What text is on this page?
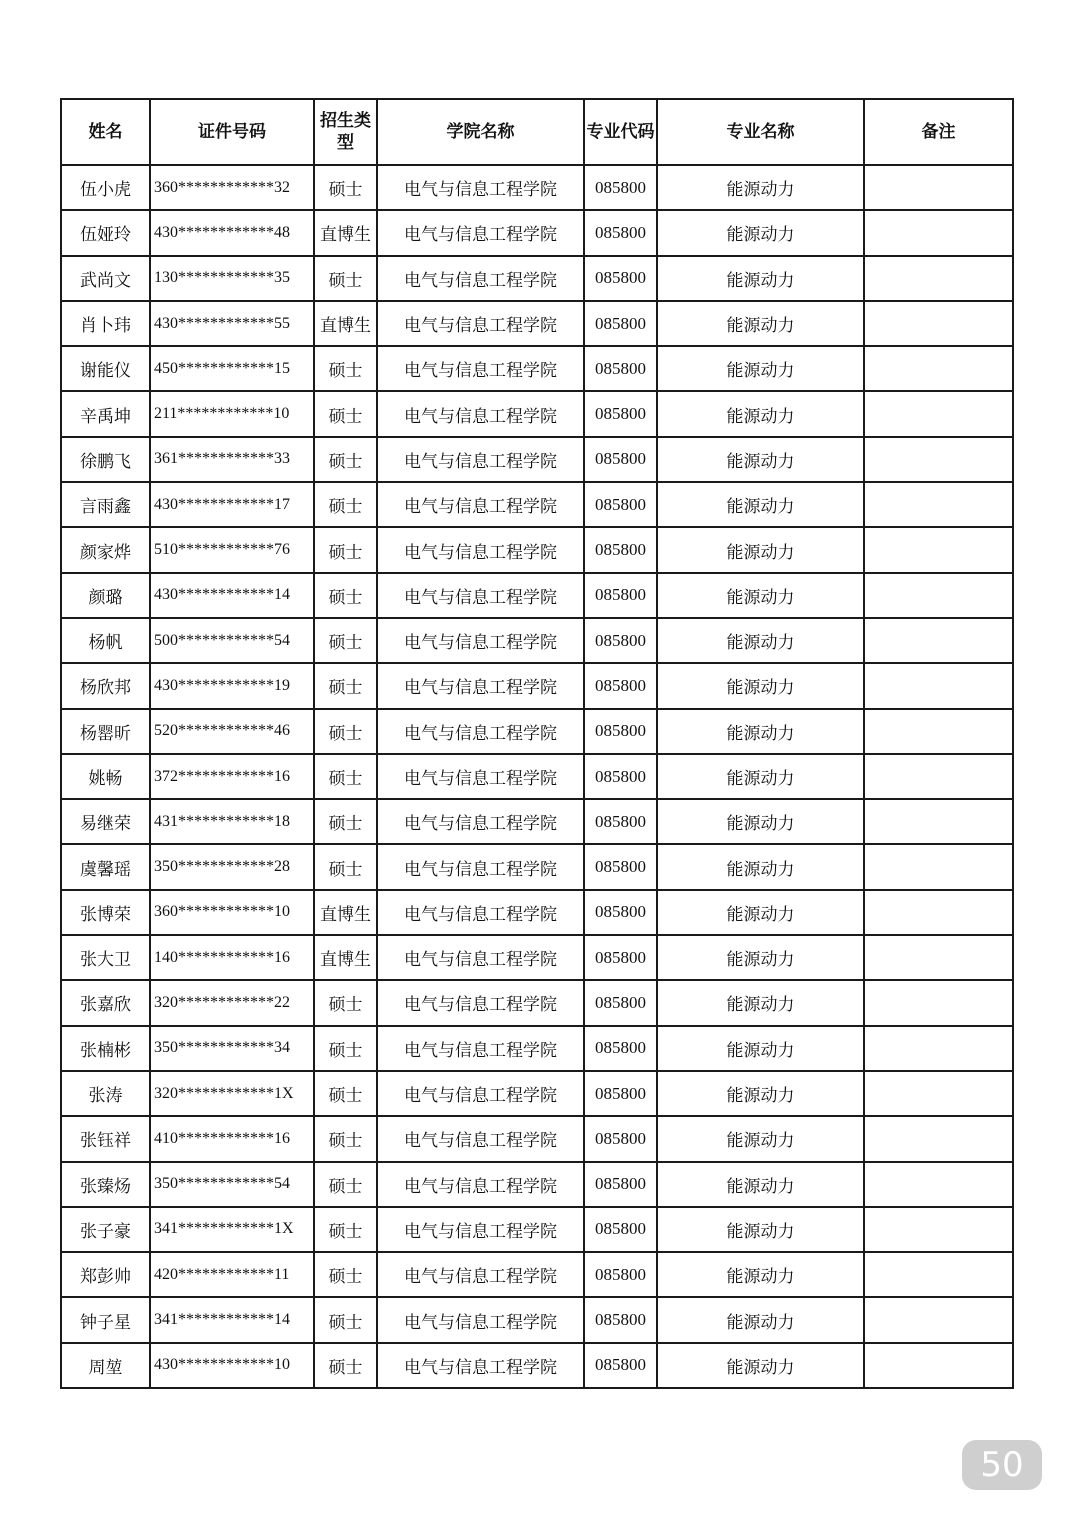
姓名	证件号码	招生类型	学院名称	专业代码	专业名称	备注
伍小虎	360************32	硕士	电气与信息工程学院	085800	能源动力	
伍娅玲	430************48	直博生	电气与信息工程学院	085800	能源动力	
武尚文	130************35	硕士	电气与信息工程学院	085800	能源动力	
肖卜玮	430************55	直博生	电气与信息工程学院	085800	能源动力	
谢能仪	450************15	硕士	电气与信息工程学院	085800	能源动力	
辛禹坤	211************10	硕士	电气与信息工程学院	085800	能源动力	
徐鹏飞	361************33	硕士	电气与信息工程学院	085800	能源动力	
言雨鑫	430************17	硕士	电气与信息工程学院	085800	能源动力	
颜家烨	510************76	硕士	电气与信息工程学院	085800	能源动力	
颜璐	430************14	硕士	电气与信息工程学院	085800	能源动力	
杨帆	500************54	硕士	电气与信息工程学院	085800	能源动力	
杨欣邦	430************19	硕士	电气与信息工程学院	085800	能源动力	
杨罂昕	520************46	硕士	电气与信息工程学院	085800	能源动力	
姚畅	372************16	硕士	电气与信息工程学院	085800	能源动力	
易继荣	431************18	硕士	电气与信息工程学院	085800	能源动力	
虞馨瑶	350************28	硕士	电气与信息工程学院	085800	能源动力	
张博荣	360************10	直博生	电气与信息工程学院	085800	能源动力	
张大卫	140************16	直博生	电气与信息工程学院	085800	能源动力	
张嘉欣	320************22	硕士	电气与信息工程学院	085800	能源动力	
张楠彬	350************34	硕士	电气与信息工程学院	085800	能源动力	
张涛	320************1X	硕士	电气与信息工程学院	085800	能源动力	
张钰祥	410************16	硕士	电气与信息工程学院	085800	能源动力	
张臻炀	350************54	硕士	电气与信息工程学院	085800	能源动力	
张子豪	341************1X	硕士	电气与信息工程学院	085800	能源动力	
郑彭帅	420************11	硕士	电气与信息工程学院	085800	能源动力	
钟子星	341************14	硕士	电气与信息工程学院	085800	能源动力	
周堃	430************10	硕士	电气与信息工程学院	085800	能源动力	
50
